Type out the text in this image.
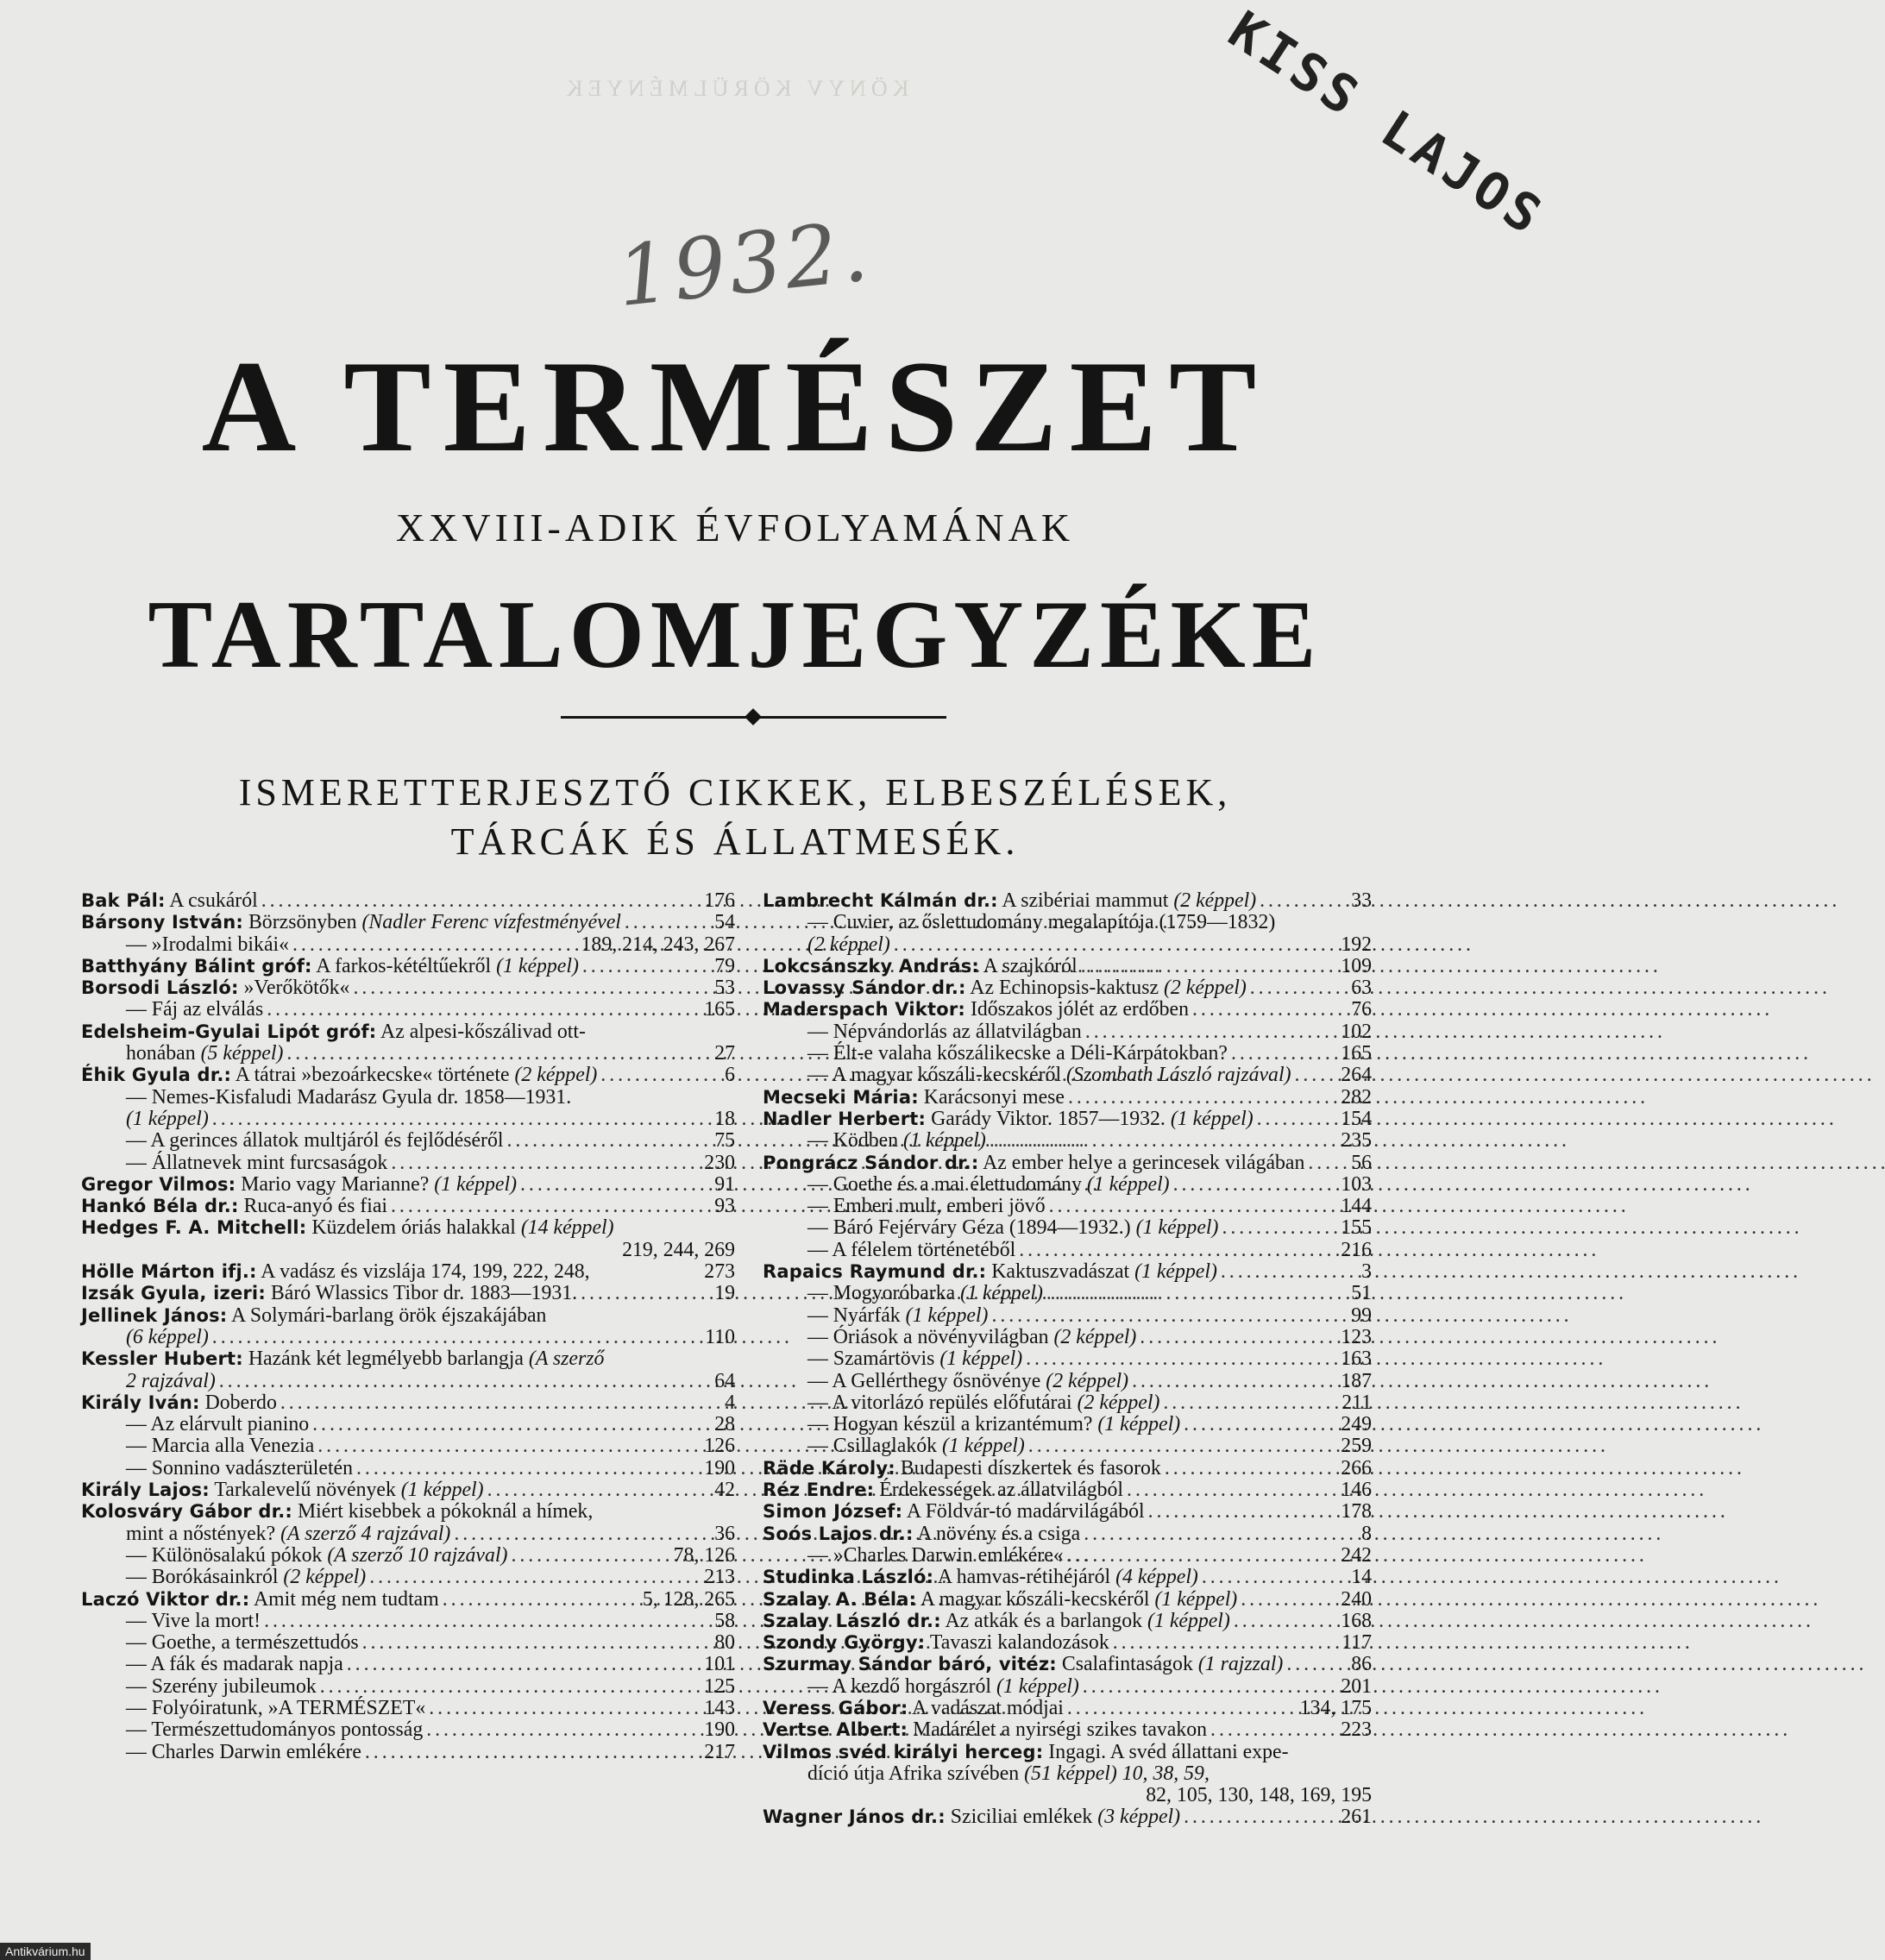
KISS LAJOS
KÖNYV KÖRÜLMÉNYEK
1932.
A TERMÉSZET
XXVIII-ADIK ÉVFOLYAMÁNAK
TARTALOMJEGYZÉKE
ISMERETTERJESZTŐ CIKKEK, ELBESZÉLÉSEK,
TÁRCÁK ÉS ÁLLATMESÉK.
Bak Pál: A csukáról . . .	176
Bársony István: Börzsönyben (Nadler Ferenc vízfestményével . . .	54
— »Irodalmi bikái« . . .	189, 214, 243, 267
Batthyány Bálint gróf: A farkos-kétéltűekről (1 képpel) . . .	79
Borsodi László: »Verőkötők« . . .	53
— Fáj az elválás . . .	165
Edelsheim-Gyulai Lipót gróf: Az alpesi-kőszálivad ott-
honában (5 képpel) . . .	27
Éhik Gyula dr.: A tátrai »bezoárkecske« története (2 képpel) . . .	6
— Nemes-Kisfaludi Madarász Gyula dr. 1858—1931.
(1 képpel) . . .	18
— A gerinces állatok multjáról és fejlődéséről . . .	75
— Állatnevek mint furcsaságok . . .	230
Gregor Vilmos: Mario vagy Marianne? (1 képpel) . . .	91
Hankó Béla dr.: Ruca-anyó és fiai . . .	93
Hedges F. A. Mitchell: Küzdelem óriás halakkal (14 képpel)
219, 244, 269
Hölle Márton ifj.: A vadász és vizslája 174, 199, 222, 248,	273
Izsák Gyula, izeri: Báró Wlassics Tibor dr. 1883—1931. . . .	19
Jellinek János: A Solymári-barlang örök éjszakájában
(6 képpel) . . .	110
Kessler Hubert: Hazánk két legmélyebb barlangja (A szerző
2 rajzával) . . .	64
Király Iván: Doberdo . . .	4
— Az elárvult pianino . . .	28
— Marcia alla Venezia . . .	126
— Sonnino vadászterületén . . .	190
Király Lajos: Tarkalevelű növények (1 képpel) . . .	42
Kolosváry Gábor dr.: Miért kisebbek a pókoknál a hímek,
mint a nőstények? (A szerző 4 rajzával) . . .	36
— Különösalakú pókok (A szerző 10 rajzával) . . .	78, 126
— Borókásainkról (2 képpel) . . .	213
Laczó Viktor dr.: Amit még nem tudtam . . .	5, 128, 265
— Vive la mort! . . .	58
— Goethe, a természettudós . . .	80
— A fák és madarak napja . . .	101
— Szerény jubileumok . . .	125
— Folyóiratunk, »A TERMÉSZET« . . .	143
— Természettudományos pontosság . . .	190
— Charles Darwin emlékére . . .	217
Lambrecht Kálmán dr.: A szibériai mammut (2 képpel) . . .	33
— Cuvier, az őslettudomány megalapítója (1759—1832)
(2 képpel) . . .	192
Lokcsánszky András: A szajkóról . . .	109
Lovassy Sándor dr.: Az Echinopsis-kaktusz (2 képpel) . . .	63
Maderspach Viktor: Időszakos jólét az erdőben . . .	76
— Népvándorlás az állatvilágban . . .	102
— Élt-e valaha kőszálikecske a Déli-Kárpátokban? . . .	165
— A magyar kőszáli-kecskéről (Szombath László rajzával) . . . 264
Mecseki Mária: Karácsonyi mese . . .	282
Nadler Herbert: Garády Viktor. 1857—1932. (1 képpel) . . .	154
— Ködben (1 képpel) . . .	235
Pongrácz Sándor dr.: Az ember helye a gerincesek világában . . . 56
— Goethe és a mai élettudomány (1 képpel) . . .	103
— Emberi mult, emberi jövő . . .	144
— Báró Fejérváry Géza (1894—1932.) (1 képpel) . . .	155
— A félelem történetéből . . .	216
Rapaics Raymund dr.: Kaktuszvadászat (1 képpel) . . .	3
— Mogyoróbarka (1 képpel) . . .	51
— Nyárfák (1 képpel) . . .	99
— Óriások a növényvilágban (2 képpel) . . .	123
— Szamártövis (1 képpel) . . .	163
— A Gellérthegy ősnövénye (2 képpel) . . .	187
— A vitorlázó repülés előfutárai (2 képpel) . . .	211
— Hogyan készül a krizantémum? (1 képpel) . . .	249
— Csillaglakók (1 képpel) . . .	259
Räde Károly: Budapesti díszkertek és fasorok . . .	266
Réz Endre: Érdekességek az állatvilágból . . .	146
Simon József: A Földvár-tó madárvilágából . . .	178
Soós Lajos dr.: A növény és a csiga . . .	8
— »Charles Darwin emlékére« . . .	242
Studinka László: A hamvas-rétihéjáról (4 képpel) . . .	14
Szalay A. Béla: A magyar kőszáli-kecskéről (1 képpel) . . .	240
Szalay László dr.: Az atkák és a barlangok (1 képpel) . . .	168
Szondy György: Tavaszi kalandozások . . .	117
Szurmay Sándor báró, vitéz: Csalafintaságok (1 rajzzal) . . .	86
— A kezdő horgászról (1 képpel) . . .	201
Veress Gábor: A vadászat módjai . . .	134, 175
Vertse Albert: Madárélet a nyirségi szikes tavakon . . .	223
Vilmos svéd királyi herceg: Ingagi. A svéd állattani expe-
díció útja Afrika szívében (51 képpel) 10, 38, 59,
82, 105, 130, 148, 169, 195
Wagner János dr.: Sziciliai emlékek (3 képpel) . . .	261
Antikvárium.hu
